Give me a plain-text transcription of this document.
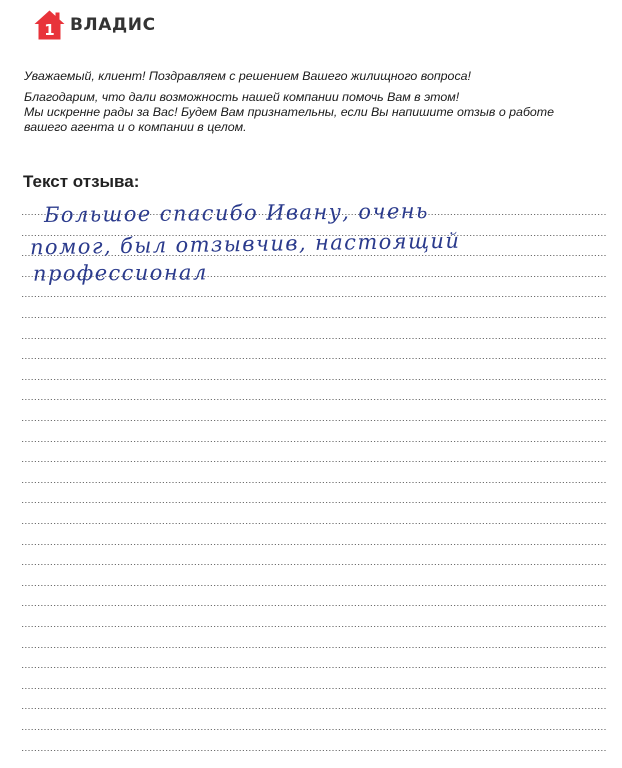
1 ВЛАДИС

Уважаемый, клиент! Поздравляем с решением Вашего жилищного вопроса!

Благодарим, что дали возможность нашей компании помочь Вам в этом!

Мы искренне рады за Вас! Будем Вам признательны, если Вы напишите отзыв о работе

вашего агента и о компании в целом.

Текст отзыва:
Большое спасибо Ивану, очень
помог, был отзывчив, настоящий
профессионал
